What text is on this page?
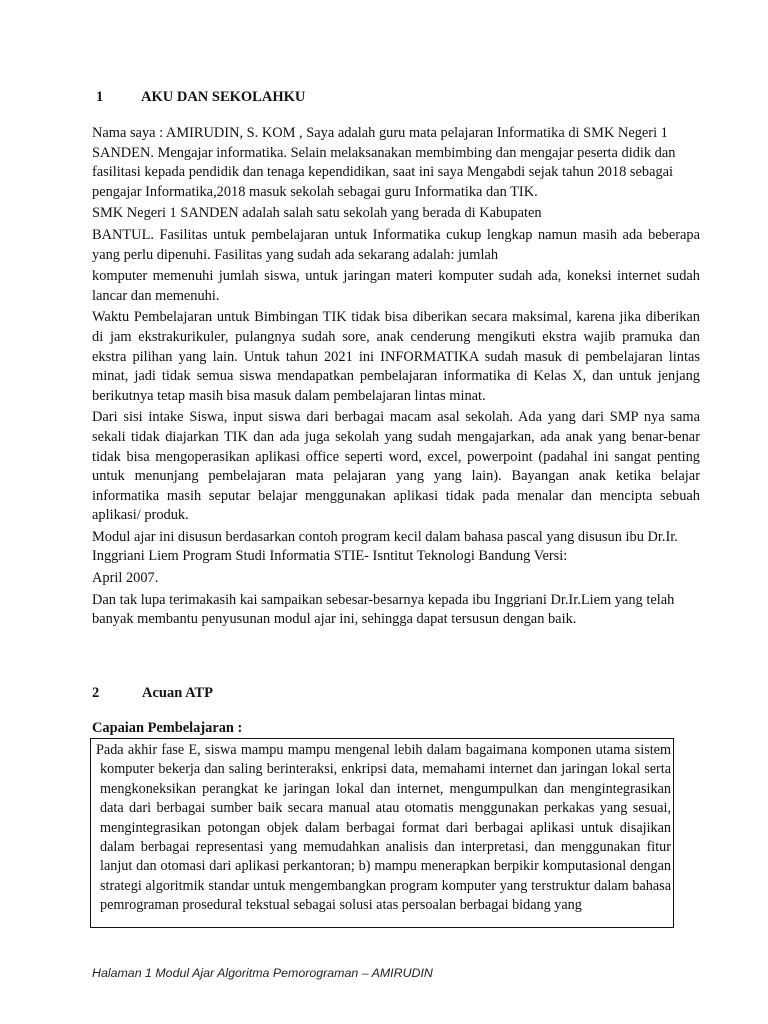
1	AKU DAN SEKOLAHKU

Nama saya : AMIRUDIN, S. KOM , Saya adalah guru mata pelajaran Informatika di SMK Negeri 1 SANDEN. Mengajar informatika. Selain melaksanakan membimbing dan mengajar peserta didik dan fasilitasi kepada pendidik dan tenaga kependidikan, saat ini saya Mengabdi sejak tahun 2018 sebagai pengajar Informatika,2018 masuk sekolah sebagai guru Informatika dan TIK.

SMK Negeri 1 SANDEN adalah salah satu sekolah yang berada di Kabupaten

BANTUL. Fasilitas untuk pembelajaran untuk Informatika cukup lengkap namun masih ada beberapa yang perlu dipenuhi. Fasilitas yang sudah ada sekarang adalah: jumlah

komputer memenuhi jumlah siswa, untuk jaringan materi komputer sudah ada, koneksi internet sudah lancar dan memenuhi.

Waktu Pembelajaran untuk Bimbingan TIK tidak bisa diberikan secara maksimal, karena jika diberikan di jam ekstrakurikuler, pulangnya sudah sore, anak cenderung mengikuti ekstra wajib pramuka dan ekstra pilihan yang lain. Untuk tahun 2021 ini INFORMATIKA sudah masuk di pembelajaran lintas minat, jadi tidak semua siswa mendapatkan pembelajaran informatika di Kelas X, dan untuk jenjang berikutnya tetap masih bisa masuk dalam pembelajaran lintas minat.

Dari sisi intake Siswa, input siswa dari berbagai macam asal sekolah. Ada yang dari SMP nya sama sekali tidak diajarkan TIK dan ada juga sekolah yang sudah mengajarkan, ada anak yang benar-benar tidak bisa mengoperasikan aplikasi office seperti word, excel, powerpoint (padahal ini sangat penting untuk menunjang pembelajaran mata pelajaran yang yang lain). Bayangan anak ketika belajar informatika masih seputar belajar menggunakan aplikasi tidak pada menalar dan mencipta sebuah aplikasi/ produk.

Modul ajar ini disusun berdasarkan contoh program kecil dalam bahasa pascal yang disusun ibu Dr.Ir. Inggriani Liem Program Studi Informatia STIE- Isntitut Teknologi Bandung Versi:

April 2007.

Dan tak lupa terimakasih kai sampaikan sebesar-besarnya kepada ibu Inggriani Dr.Ir.Liem yang telah banyak membantu penyusunan modul ajar ini, sehingga dapat tersusun dengan baik.

2	Acuan ATP
Capaian Pembelajaran :
Pada akhir fase E, siswa mampu mampu mengenal lebih dalam bagaimana komponen utama sistem komputer bekerja dan saling berinteraksi, enkripsi data, memahami internet dan jaringan lokal serta mengkoneksikan perangkat ke jaringan lokal dan internet, mengumpulkan dan mengintegrasikan data dari berbagai sumber baik secara manual atau otomatis menggunakan perkakas yang sesuai, mengintegrasikan potongan objek dalam berbagai format dari berbagai aplikasi untuk disajikan dalam berbagai representasi yang memudahkan analisis dan interpretasi, dan menggunakan fitur lanjut dan otomasi dari aplikasi perkantoran; b) mampu menerapkan berpikir komputasional dengan strategi algoritmik standar untuk mengembangkan program komputer yang terstruktur dalam bahasa pemrograman prosedural tekstual sebagai solusi atas persoalan berbagai bidang yang
Halaman 1 Modul Ajar Algoritma Pemorograman – AMIRUDIN
